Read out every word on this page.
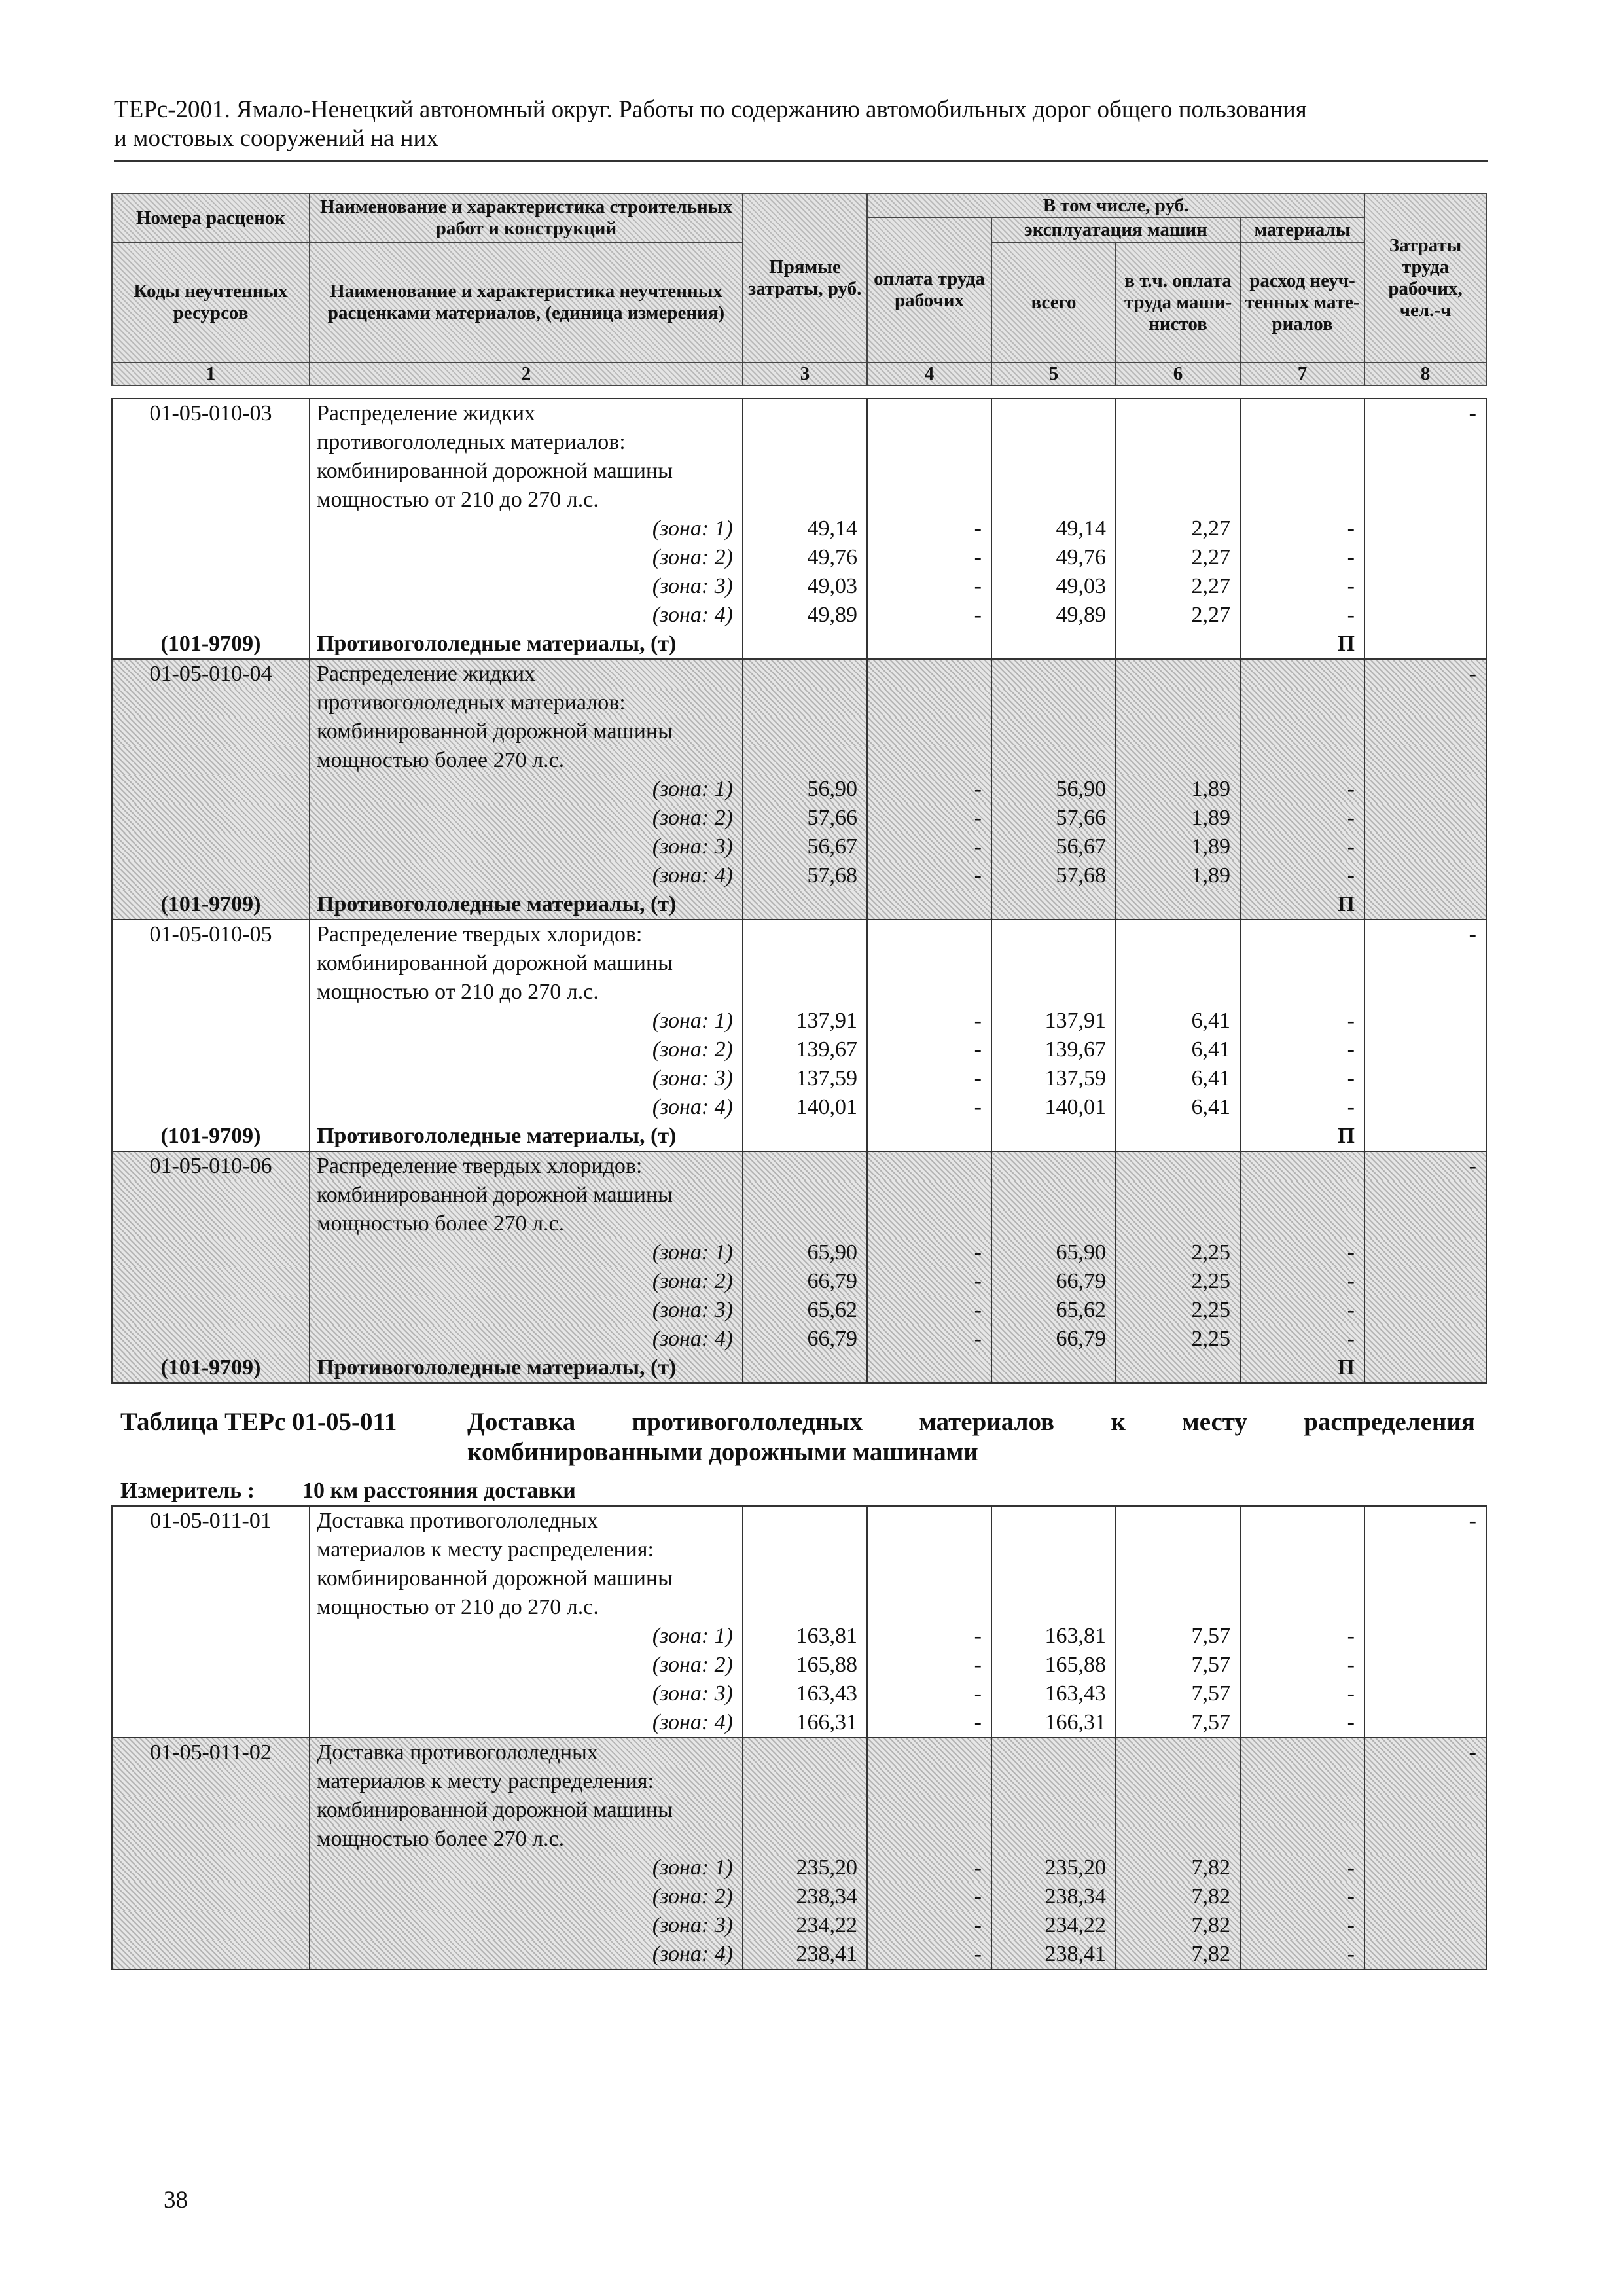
ТЕРс-2001. Ямало-Ненецкий автономный округ. Работы по содержанию автомобильных дорог общего пользования
и мостовых сооружений на них
Номера расценок	Наименование и характеристика строительных работ и конструкций	Прямые затраты, руб.	В том числе, руб.				Затраты труда рабочих, чел.-ч
			оплата труда рабочих	эксплуатация машин		материалы	
Коды неучтенных ресурсов	Наименование и характеристика неучтенных расценками материалов, (единица измерения)			всего	в т.ч. оплата труда маши-нистов	расход неуч-тенных мате-риалов	

1	2	3	4	5	6	7	8
01-05-010-03	Распределение жидких						-
	противогололедных материалов:						
	комбинированной дорожной машины						
	мощностью от 210 до 270 л.с.						
	(зона: 1)	49,14	-	49,14	2,27	-	
	(зона: 2)	49,76	-	49,76	2,27	-	
	(зона: 3)	49,03	-	49,03	2,27	-	
	(зона: 4)	49,89	-	49,89	2,27	-	
(101-9709)	Противогололедные материалы, (т)					П	
01-05-010-04	Распределение жидких						-
	противогололедных материалов:						
	комбинированной дорожной машины						
	мощностью более 270 л.с.						
	(зона: 1)	56,90	-	56,90	1,89	-	
	(зона: 2)	57,66	-	57,66	1,89	-	
	(зона: 3)	56,67	-	56,67	1,89	-	
	(зона: 4)	57,68	-	57,68	1,89	-	
(101-9709)	Противогололедные материалы, (т)					П	
01-05-010-05	Распределение твердых хлоридов:						-
	комбинированной дорожной машины						
	мощностью от 210 до 270 л.с.						
	(зона: 1)	137,91	-	137,91	6,41	-	
	(зона: 2)	139,67	-	139,67	6,41	-	
	(зона: 3)	137,59	-	137,59	6,41	-	
	(зона: 4)	140,01	-	140,01	6,41	-	
(101-9709)	Противогололедные материалы, (т)					П	
01-05-010-06	Распределение твердых хлоридов:						-
	комбинированной дорожной машины						
	мощностью более 270 л.с.						
	(зона: 1)	65,90	-	65,90	2,25	-	
	(зона: 2)	66,79	-	66,79	2,25	-	
	(зона: 3)	65,62	-	65,62	2,25	-	
	(зона: 4)	66,79	-	66,79	2,25	-	
(101-9709)	Противогололедные материалы, (т)					П	
Таблица ТЕРс 01-05-011	Доставка противогололедных материалов к месту распределения
комбинированными дорожными машинами
Измеритель : 10 км расстояния доставки
01-05-011-01	Доставка противогололедных						-
	материалов к месту распределения:						
	комбинированной дорожной машины						
	мощностью от 210 до 270 л.с.						
	(зона: 1)	163,81	-	163,81	7,57	-	
	(зона: 2)	165,88	-	165,88	7,57	-	
	(зона: 3)	163,43	-	163,43	7,57	-	
	(зона: 4)	166,31	-	166,31	7,57	-	
01-05-011-02	Доставка противогололедных						-
	материалов к месту распределения:						
	комбинированной дорожной машины						
	мощностью более 270 л.с.						
	(зона: 1)	235,20	-	235,20	7,82	-	
	(зона: 2)	238,34	-	238,34	7,82	-	
	(зона: 3)	234,22	-	234,22	7,82	-	
	(зона: 4)	238,41	-	238,41	7,82	-	
38
